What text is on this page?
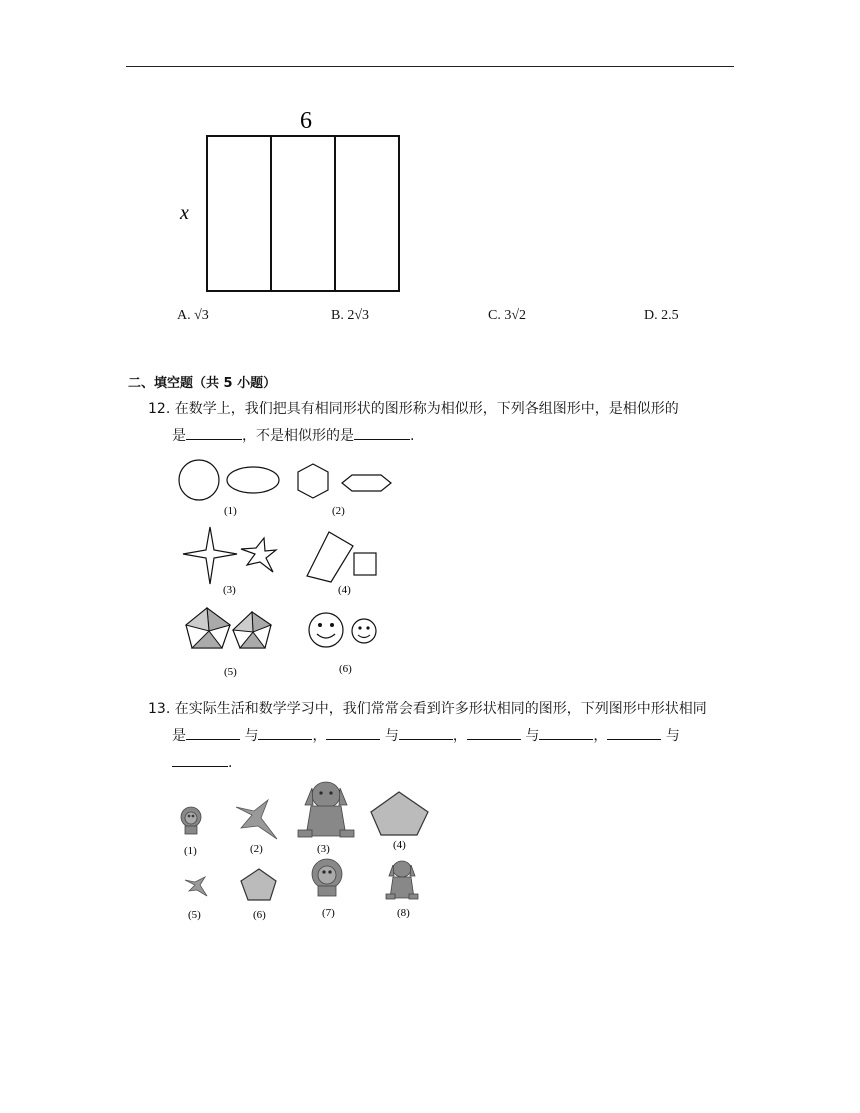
6
x
A. √3	B. 2√3	C. 3√2	D. 2.5
二、填空题（共 5 小题）
12. 在数学上，我们把具有相同形状的图形称为相似形，下列各组图形中，是相似形的
是	，不是相似形的是	.
(1)	(2)
(3)	(4)
(5)	(6)
13. 在实际生活和数学学习中，我们常常会看到许多形状相同的图形，下列图形中形状相同
是	与	，	与	，	与	，	与
.
(1)	(2)	(3)	(4)
(5)	(6)	(7)	(8)
